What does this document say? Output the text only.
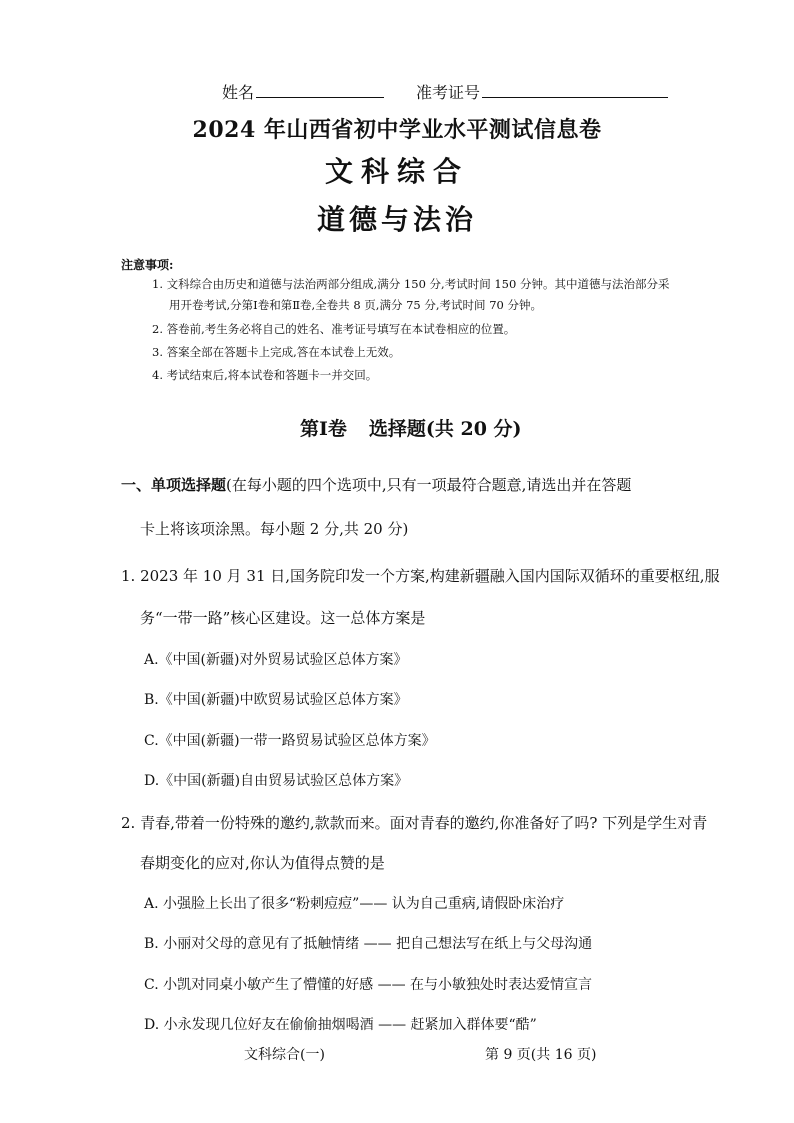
姓名	准考证号
2024 年山西省初中学业水平测试信息卷
文科综合
道德与法治
注意事项:
1. 文科综合由历史和道德与法治两部分组成,满分 150 分,考试时间 150 分钟。其中道德与法治部分采
用开卷考试,分第Ⅰ卷和第Ⅱ卷,全卷共 8 页,满分 75 分,考试时间 70 分钟。
2. 答卷前,考生务必将自己的姓名、准考证号填写在本试卷相应的位置。
3. 答案全部在答题卡上完成,答在本试卷上无效。
4. 考试结束后,将本试卷和答题卡一并交回。
第Ⅰ卷 选择题(共 20 分)
一、单项选择题(在每小题的四个选项中,只有一项最符合题意,请选出并在答题
卡上将该项涂黑。每小题 2 分,共 20 分)
1. 2023 年 10 月 31 日,国务院印发一个方案,构建新疆融入国内国际双循环的重要枢纽,服
务“一带一路”核心区建设。这一总体方案是
A.《中国(新疆)对外贸易试验区总体方案》
B.《中国(新疆)中欧贸易试验区总体方案》
C.《中国(新疆)一带一路贸易试验区总体方案》
D.《中国(新疆)自由贸易试验区总体方案》
2. 青春,带着一份特殊的邀约,款款而来。面对青春的邀约,你准备好了吗? 下列是学生对青
春期变化的应对,你认为值得点赞的是
A. 小强脸上长出了很多“粉刺痘痘”—— 认为自己重病,请假卧床治疗
B. 小丽对父母的意见有了抵触情绪 —— 把自己想法写在纸上与父母沟通
C. 小凯对同桌小敏产生了懵懂的好感 —— 在与小敏独处时表达爱情宣言
D. 小永发现几位好友在偷偷抽烟喝酒 —— 赶紧加入群体要“酷”
文科综合(一)	第 9 页(共 16 页)
